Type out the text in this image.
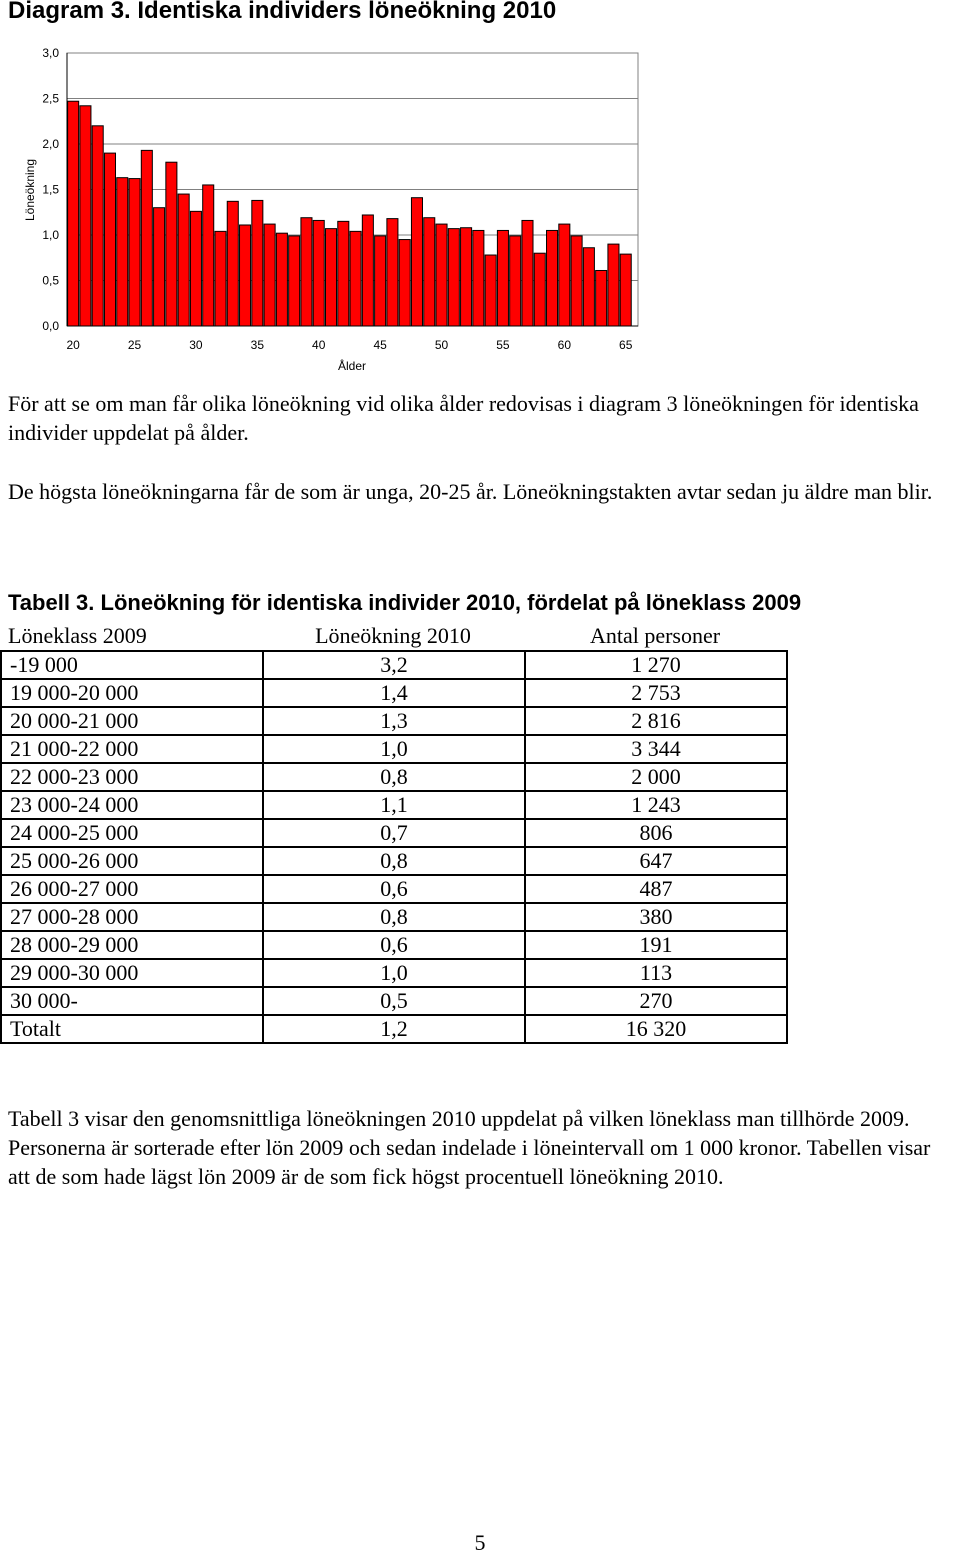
Diagram 3. Identiska individers löneökning 2010
0,0
0,5
1,0
1,5
2,0
2,5
3,0
20	25	30	35	40	45	50	55	60	65
Löneökning
Ålder

För att se om man får olika löneökning vid olika ålder redovisas i diagram 3 löneökningen för identiska individer uppdelat på ålder.

De högsta löneökningarna får de som är unga, 20-25 år. Löneökningstakten avtar sedan ju äldre man blir.

Tabell 3. Löneökning för identiska individer 2010, fördelat på löneklass 2009
Löneklass 2009	Löneökning 2010	Antal personer
-19 000	3,2	1 270
19 000-20 000	1,4	2 753
20 000-21 000	1,3	2 816
21 000-22 000	1,0	3 344
22 000-23 000	0,8	2 000
23 000-24 000	1,1	1 243
24 000-25 000	0,7	806
25 000-26 000	0,8	647
26 000-27 000	0,6	487
27 000-28 000	0,8	380
28 000-29 000	0,6	191
29 000-30 000	1,0	113
30 000-	0,5	270
Totalt	1,2	16 320

Tabell 3 visar den genomsnittliga löneökningen 2010 uppdelat på vilken löneklass man tillhörde 2009. Personerna är sorterade efter lön 2009 och sedan indelade i löneintervall om 1 000 kronor. Tabellen visar att de som hade lägst lön 2009 är de som fick högst procentuell löneökning 2010.

5
